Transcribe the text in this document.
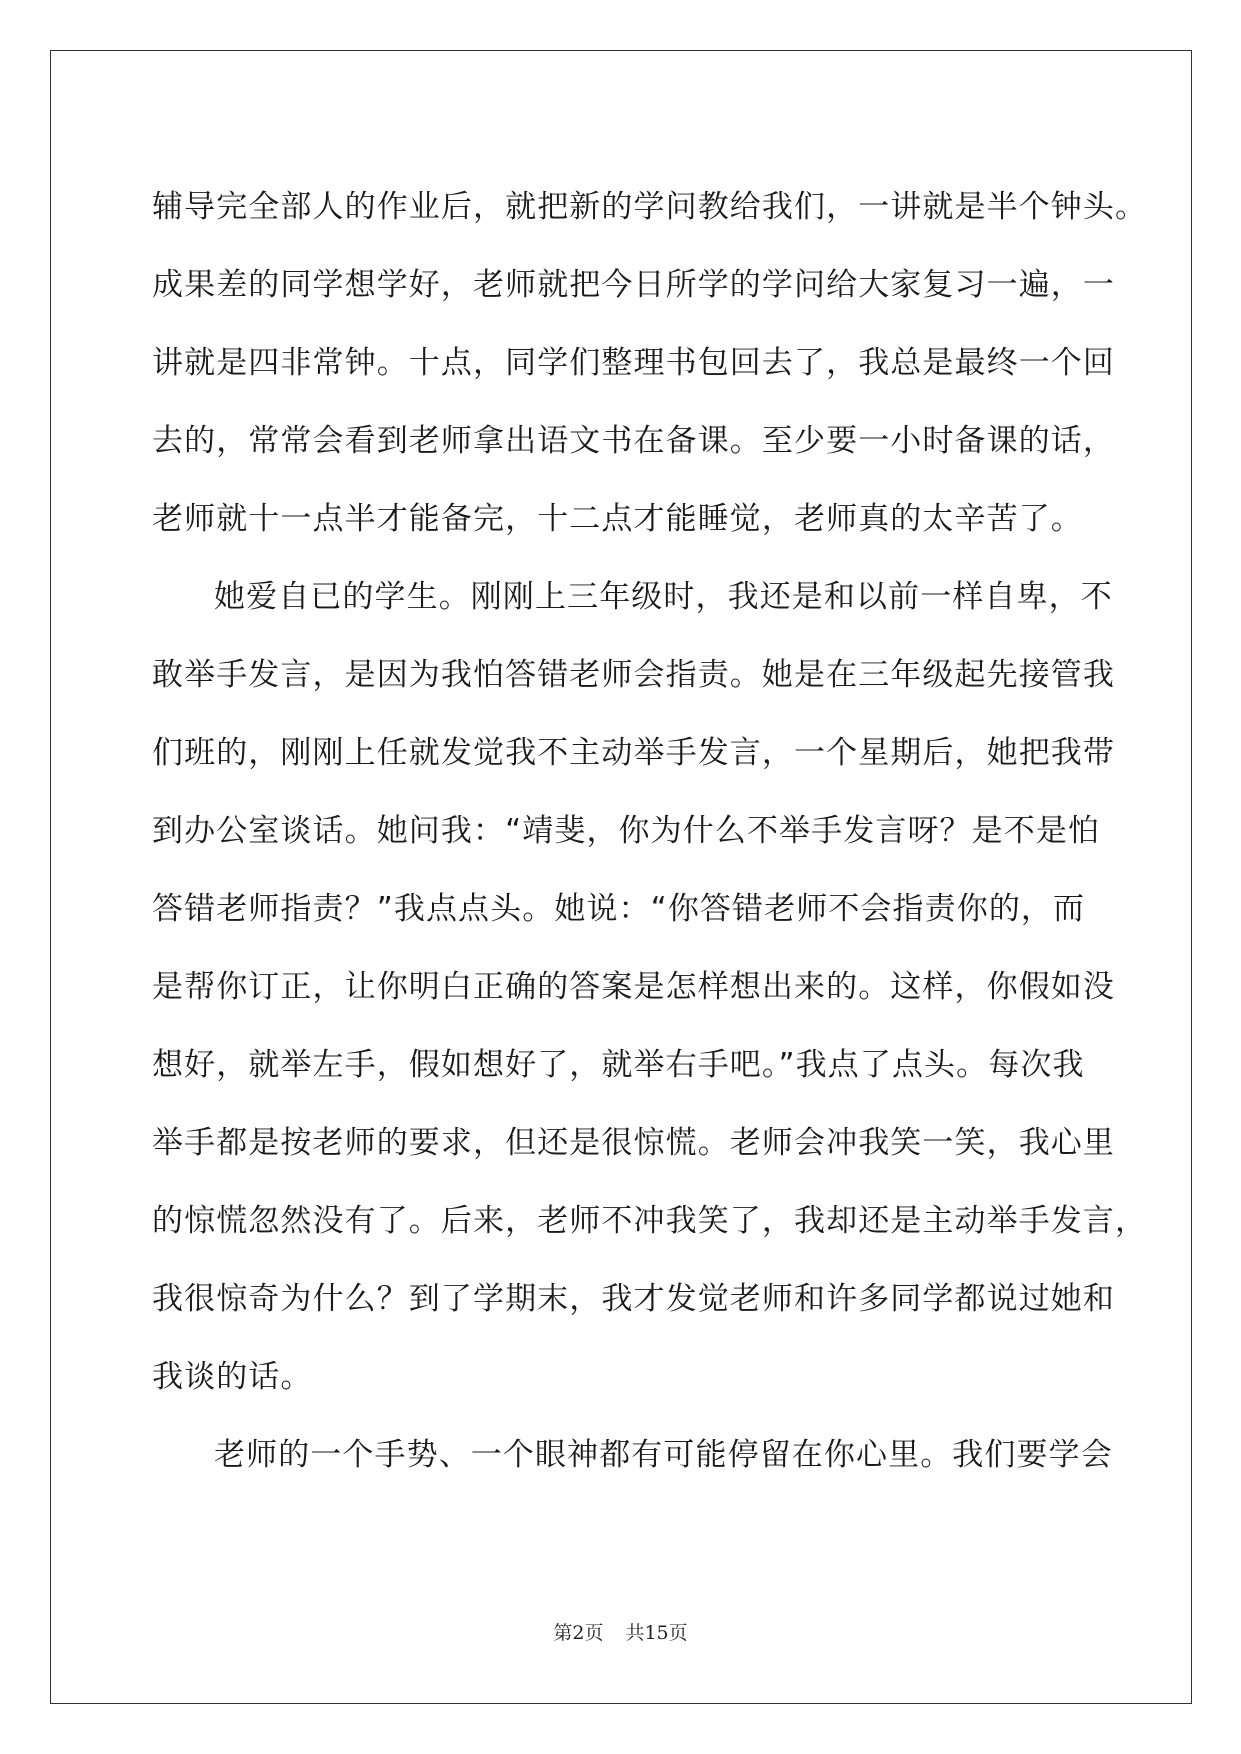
辅导完全部人的作业后，就把新的学问教给我们，一讲就是半个钟头。
成果差的同学想学好，老师就把今日所学的学问给大家复习一遍，一
讲就是四非常钟。十点，同学们整理书包回去了，我总是最终一个回
去的，常常会看到老师拿出语文书在备课。至少要一小时备课的话，
老师就十一点半才能备完，十二点才能睡觉，老师真的太辛苦了。
她爱自已的学生。刚刚上三年级时，我还是和以前一样自卑，不
敢举手发言，是因为我怕答错老师会指责。她是在三年级起先接管我
们班的，刚刚上任就发觉我不主动举手发言，一个星期后，她把我带
到办公室谈话。她问我：“靖斐，你为什么不举手发言呀？是不是怕
答错老师指责？”我点点头。她说：“你答错老师不会指责你的，而
是帮你订正，让你明白正确的答案是怎样想出来的。这样，你假如没
想好，就举左手，假如想好了，就举右手吧。”我点了点头。每次我
举手都是按老师的要求，但还是很惊慌。老师会冲我笑一笑，我心里
的惊慌忽然没有了。后来，老师不冲我笑了，我却还是主动举手发言，
我很惊奇为什么？到了学期末，我才发觉老师和许多同学都说过她和
我谈的话。
老师的一个手势、一个眼神都有可能停留在你心里。我们要学会
第2页 共15页
